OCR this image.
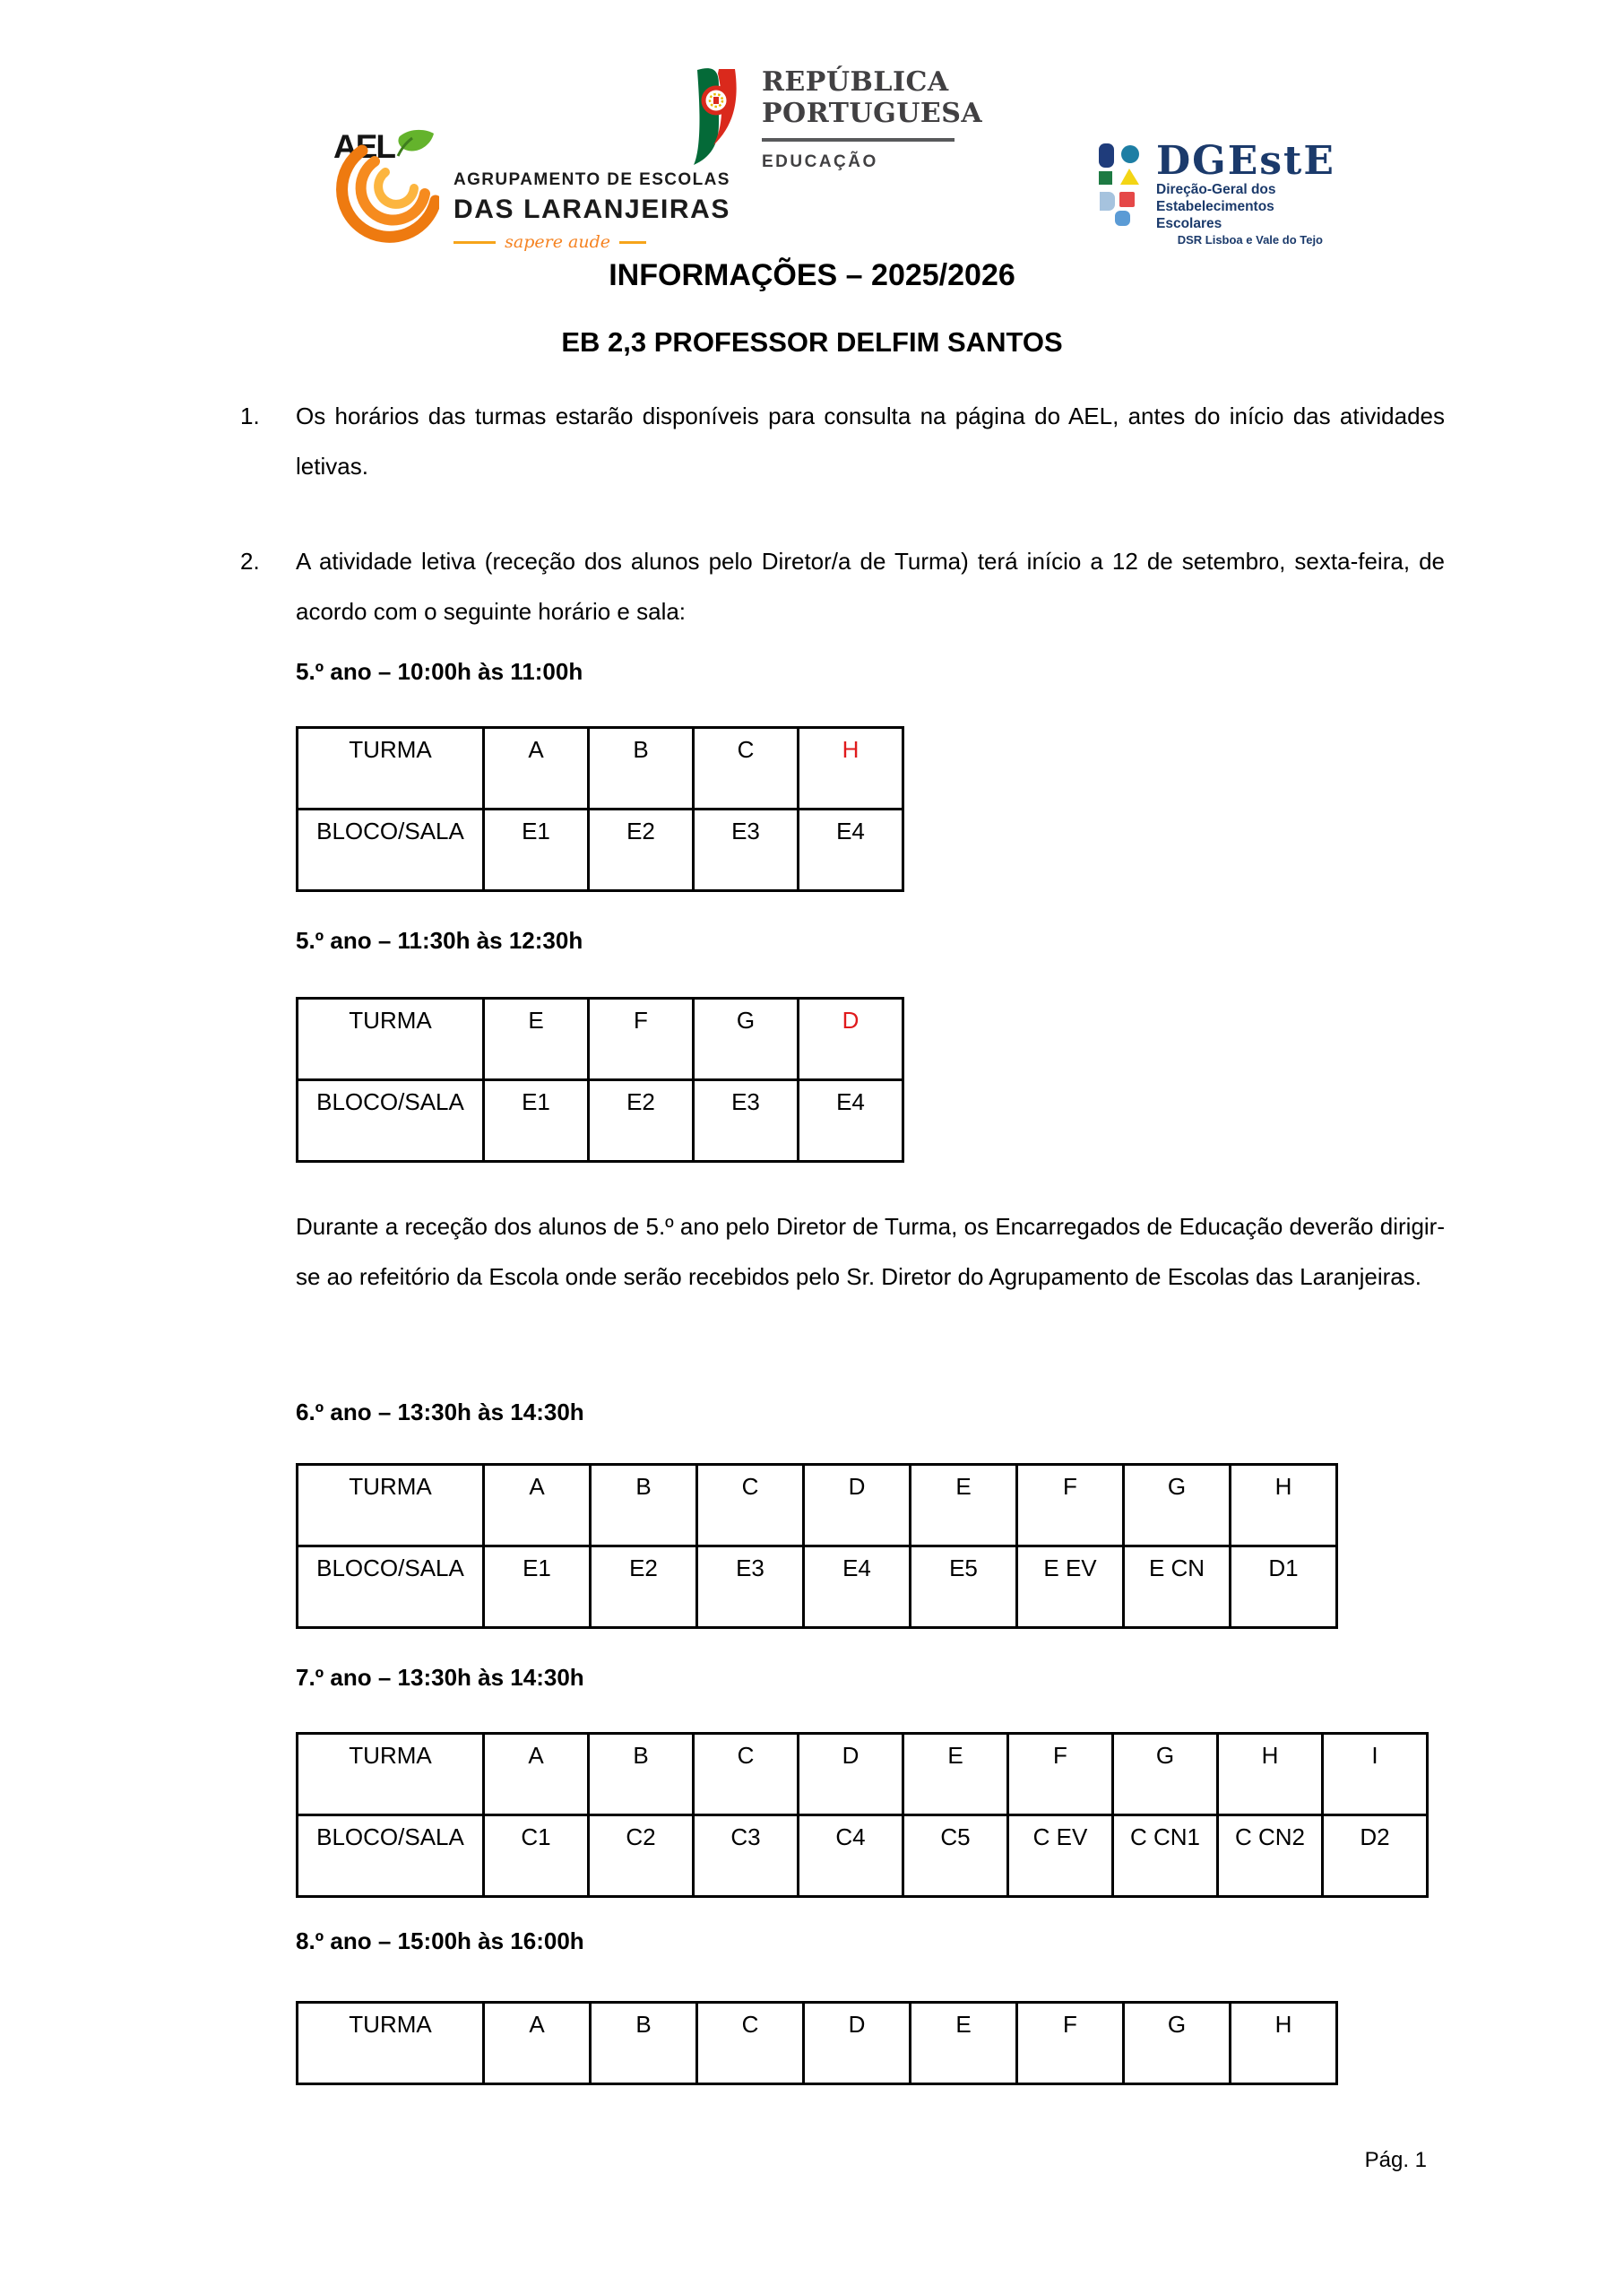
AEL
AGRUPAMENTO DE ESCOLAS
DAS LARANJEIRAS
sapere aude
REPÚBLICA
PORTUGUESA
EDUCAÇÃO	DGEstE
Direção-Geral dos
Estabelecimentos Escolares
DSR Lisboa e Vale do Tejo
INFORMAÇÕES – 2025/2026
EB 2,3 PROFESSOR DELFIM SANTOS
1.	Os horários das turmas estarão disponíveis para consulta na página do AEL, antes do início das atividades letivas.
2.	A atividade letiva (receção dos alunos pelo Diretor/a de Turma) terá início a 12 de setembro, sexta-feira, de acordo com o seguinte horário e sala:
5.º ano – 10:00h às 11:00h
TURMA	A	B	C	H
BLOCO/SALA	E1	E2	E3	E4
5.º ano – 11:30h às 12:30h
TURMA	E	F	G	D
BLOCO/SALA	E1	E2	E3	E4
Durante a receção dos alunos de 5.º ano pelo Diretor de Turma, os Encarregados de Educação deverão dirigir-se ao refeitório da Escola onde serão recebidos pelo Sr. Diretor do Agrupamento de Escolas das Laranjeiras.
6.º ano – 13:30h às 14:30h
TURMA	A	B	C	D	E	F	G	H
BLOCO/SALA	E1	E2	E3	E4	E5	E EV	E CN	D1
7.º ano – 13:30h às 14:30h
TURMA	A	B	C	D	E	F	G	H	I
BLOCO/SALA	C1	C2	C3	C4	C5	C EV	C CN1	C CN2	D2
8.º ano – 15:00h às 16:00h
TURMA	A	B	C	D	E	F	G	H
Pág. 1
